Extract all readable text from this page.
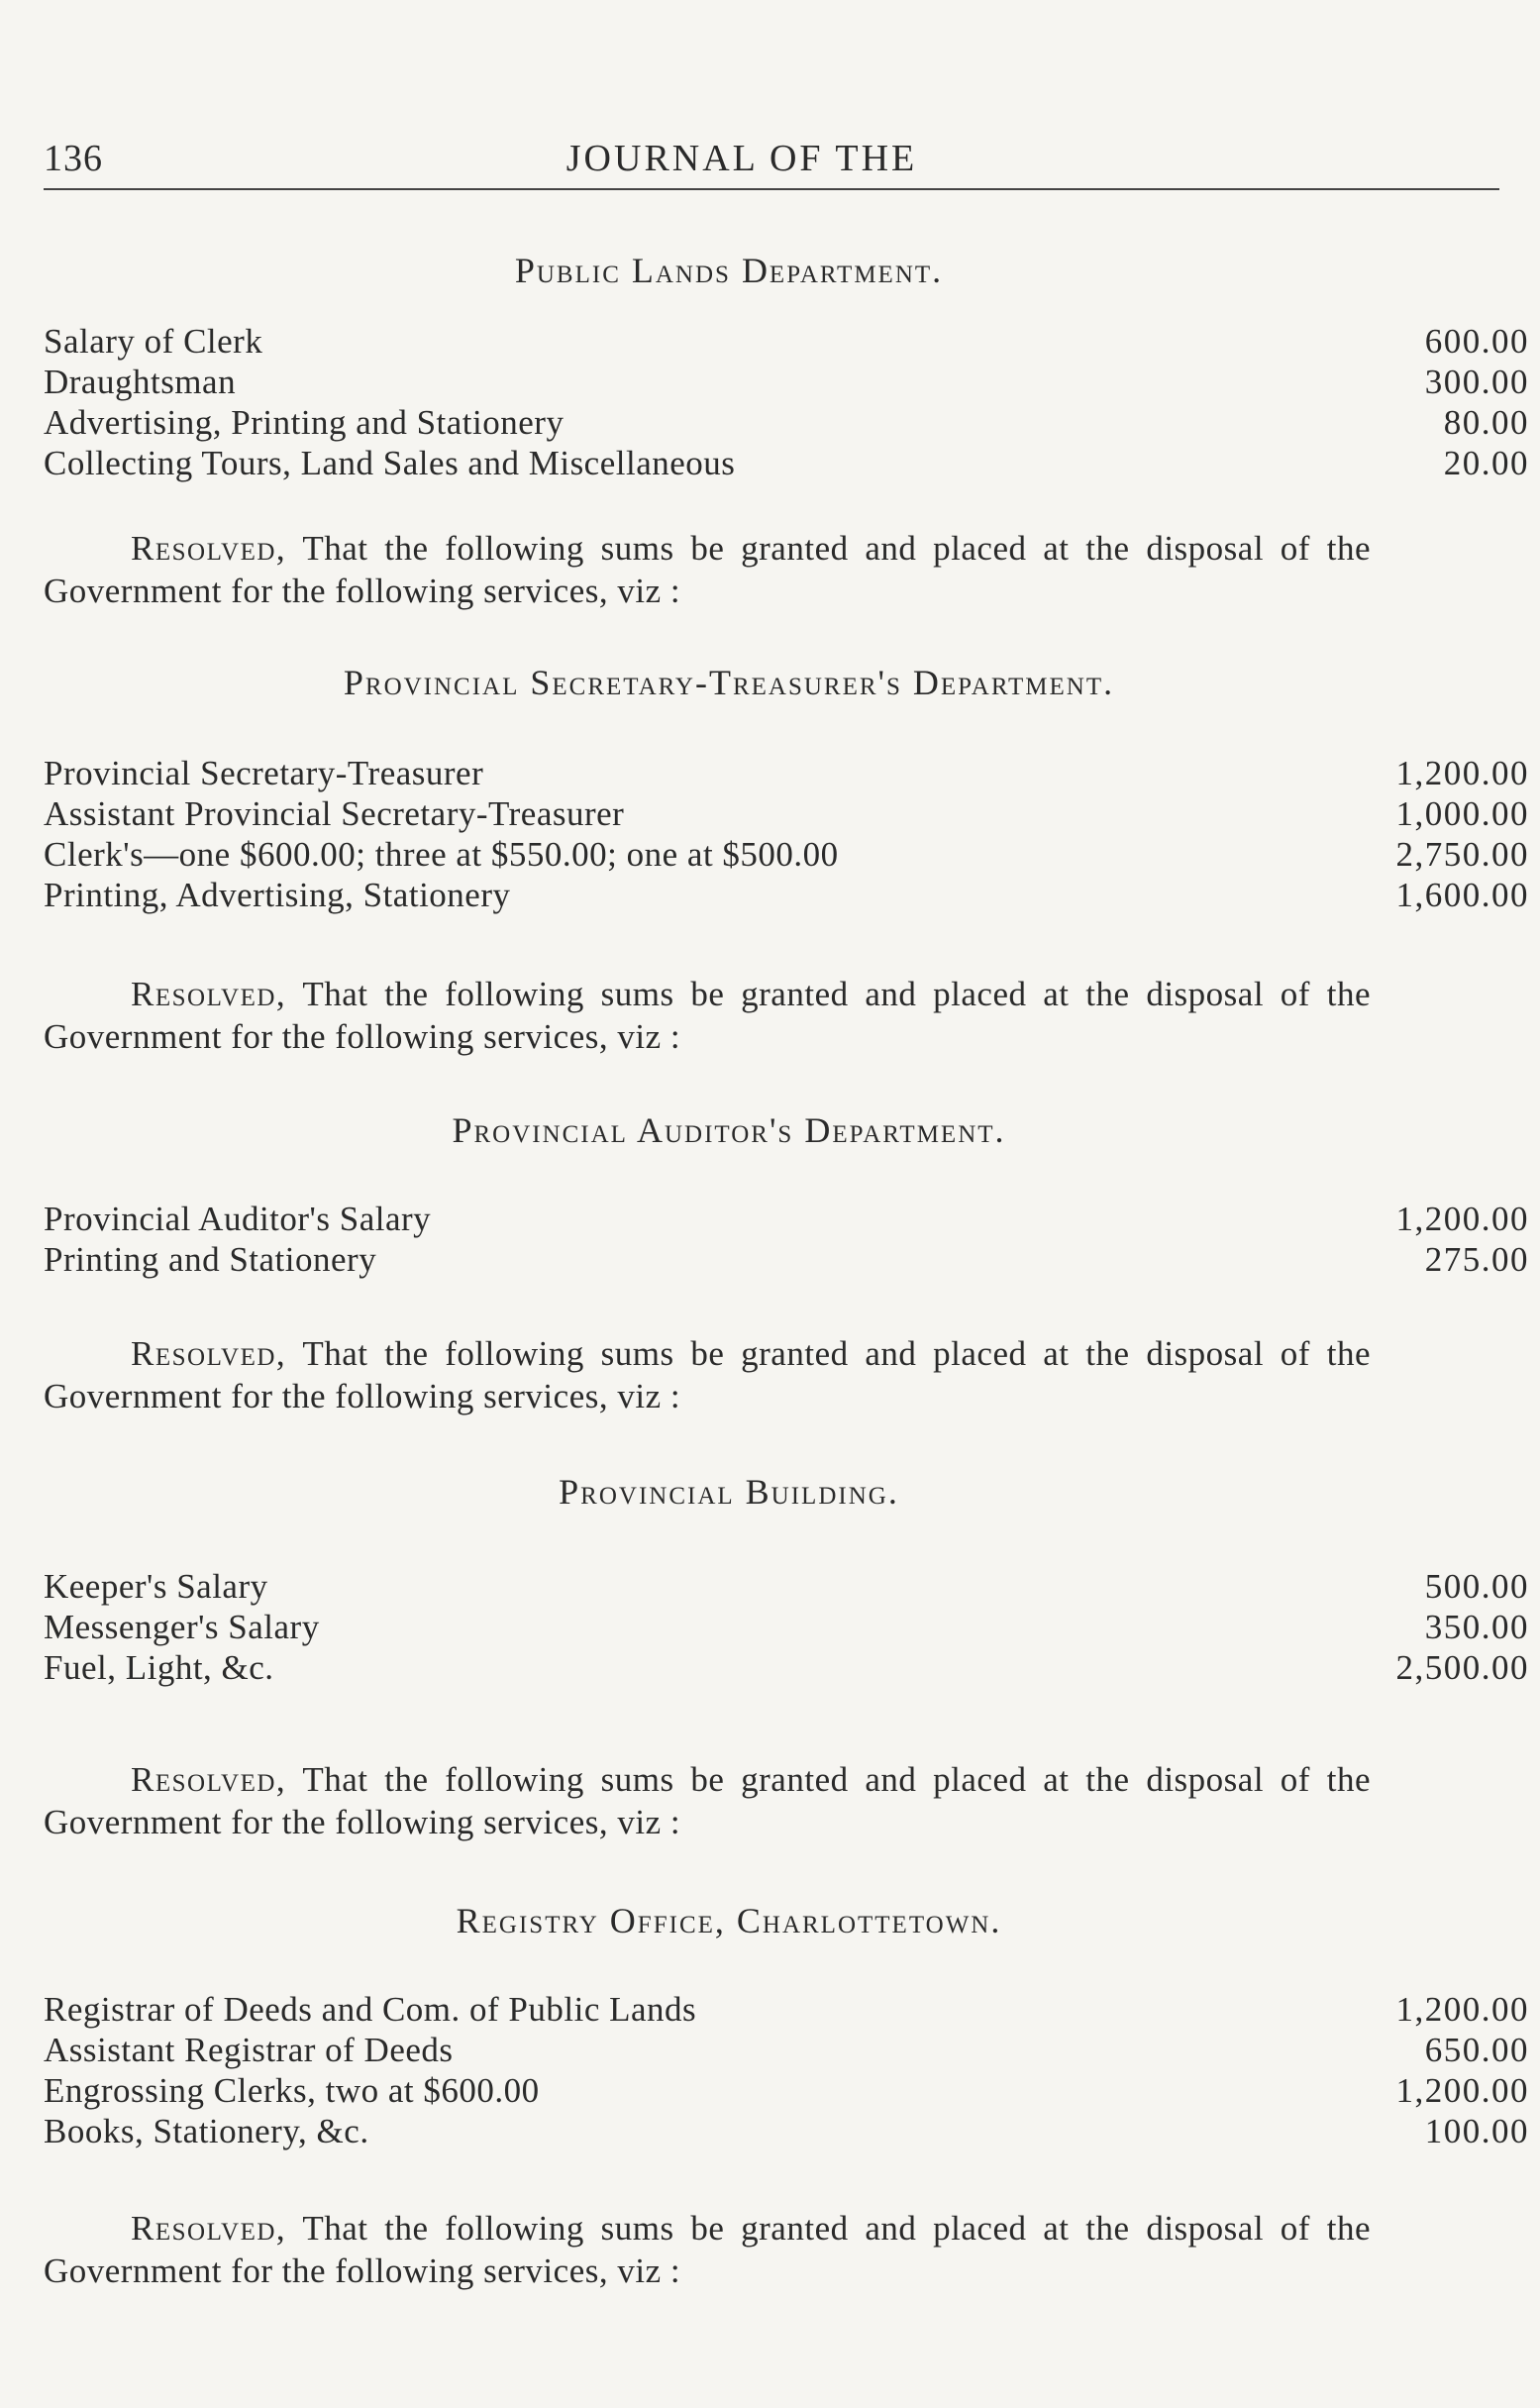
136	JOURNAL OF THE
Public Lands Department.
Salary of Clerk	600.00
Draughtsman	300.00
Advertising, Printing and Stationery	80.00
Collecting Tours, Land Sales and Miscellaneous	20.00
Resolved, That the following sums be granted and placed at the disposal of the Government for the following services, viz :
Provincial Secretary-Treasurer's Department.
Provincial Secretary-Treasurer	1,200.00
Assistant Provincial Secretary-Treasurer	1,000.00
Clerk's—one $600.00; three at $550.00; one at $500.00	2,750.00
Printing, Advertising, Stationery	1,600.00
Resolved, That the following sums be granted and placed at the disposal of the Government for the following services, viz :
Provincial Auditor's Department.
Provincial Auditor's Salary	1,200.00
Printing and Stationery	275.00
Resolved, That the following sums be granted and placed at the disposal of the Government for the following services, viz :
Provincial Building.
Keeper's Salary	500.00
Messenger's Salary	350.00
Fuel, Light, &c.	2,500.00
Resolved, That the following sums be granted and placed at the disposal of the Government for the following services, viz :
Registry Office, Charlottetown.
Registrar of Deeds and Com. of Public Lands	1,200.00
Assistant Registrar of Deeds	650.00
Engrossing Clerks, two at $600.00	1,200.00
Books, Stationery, &c.	100.00
Resolved, That the following sums be granted and placed at the disposal of the Government for the following services, viz :
